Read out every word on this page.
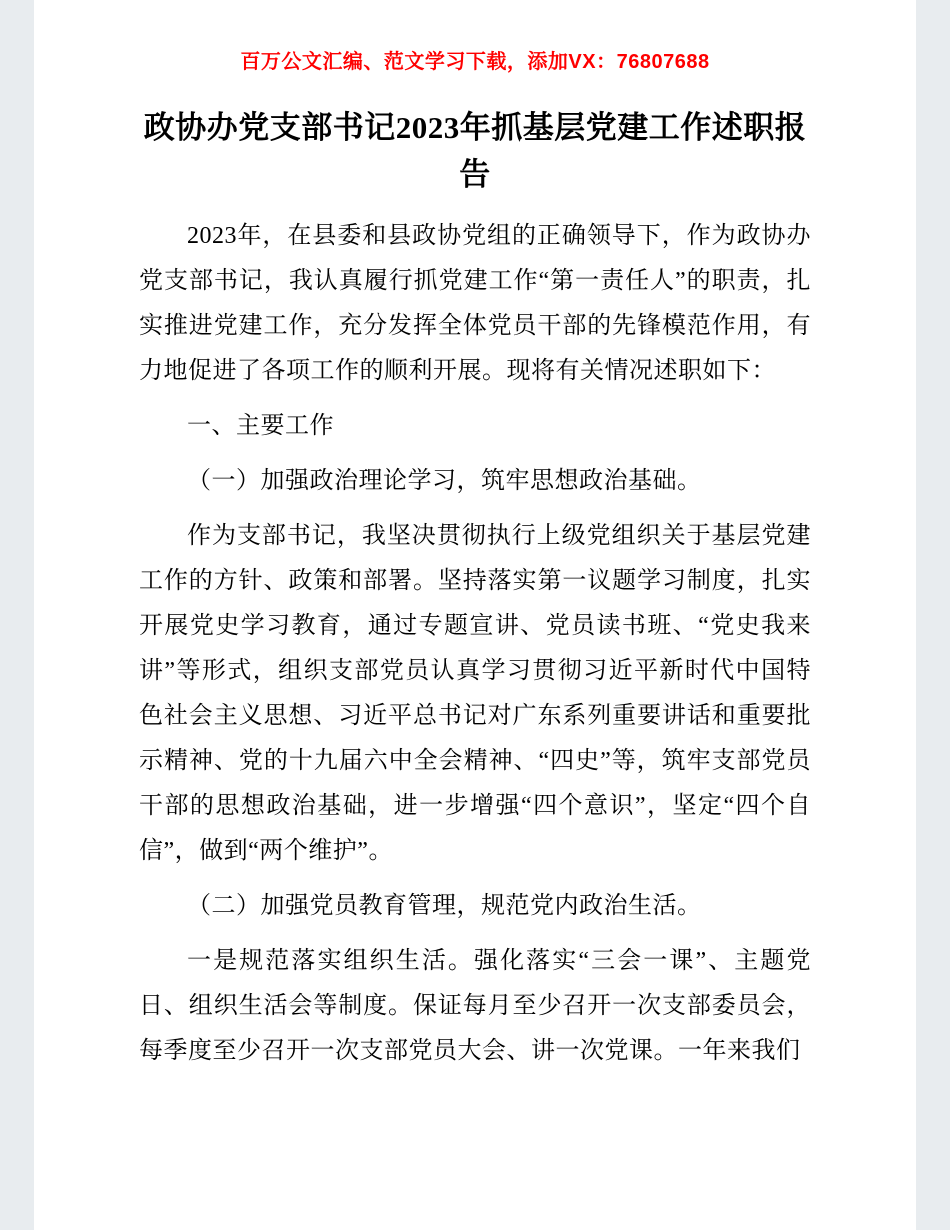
百万公文汇编、范文学习下载，添加VX：76807688
政协办党支部书记2023年抓基层党建工作述职报告

2023年，在县委和县政协党组的正确领导下，作为政协办党支部书记，我认真履行抓党建工作“第一责任人”的职责，扎实推进党建工作，充分发挥全体党员干部的先锋模范作用，有力地促进了各项工作的顺利开展。现将有关情况述职如下：

一、主要工作

（一）加强政治理论学习，筑牢思想政治基础。

作为支部书记，我坚决贯彻执行上级党组织关于基层党建工作的方针、政策和部署。坚持落实第一议题学习制度，扎实开展党史学习教育，通过专题宣讲、党员读书班、“党史我来讲”等形式，组织支部党员认真学习贯彻习近平新时代中国特色社会主义思想、习近平总书记对广东系列重要讲话和重要批示精神、党的十九届六中全会精神、“四史”等，筑牢支部党员干部的思想政治基础，进一步增强“四个意识”，坚定“四个自信”，做到“两个维护”。

（二）加强党员教育管理，规范党内政治生活。

一是规范落实组织生活。强化落实“三会一课”、主题党日、组织生活会等制度。保证每月至少召开一次支部委员会，每季度至少召开一次支部党员大会、讲一次党课。一年来我们
